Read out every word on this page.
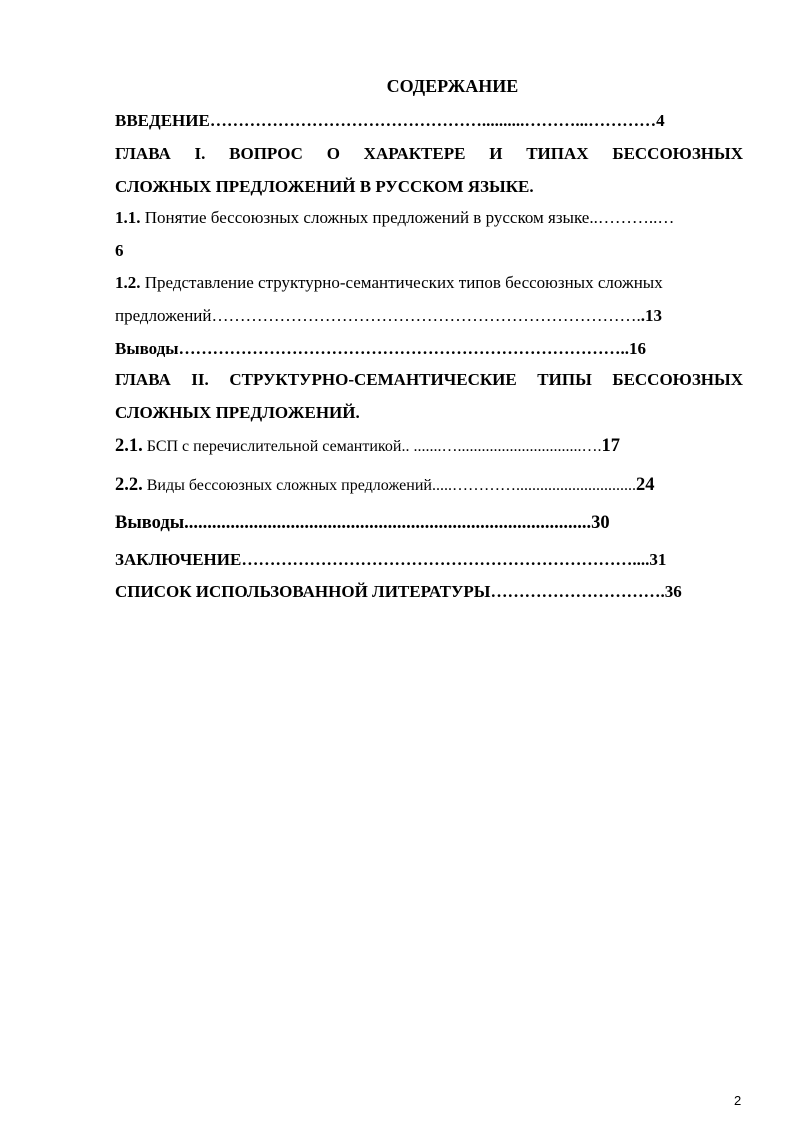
СОДЕРЖАНИЕ
ВВЕДЕНИЕ…………………………………………..........………...…………4
ГЛАВА I. ВОПРОС О ХАРАКТЕРЕ И ТИПАХ БЕССОЮЗНЫХ
СЛОЖНЫХ ПРЕДЛОЖЕНИЙ В РУССКОМ ЯЗЫКЕ.
1.1. Понятие бессоюзных сложных предложений в русском языке..………..…
6
1.2. Представление структурно-семантических типов бессоюзных сложных
предложений…………………………………………………………………..13
Выводы……………………………………………………………………..16
ГЛАВА II. СТРУКТУРНО-СЕМАНТИЧЕСКИЕ ТИПЫ БЕССОЮЗНЫХ
СЛОЖНЫХ ПРЕДЛОЖЕНИЙ.
2.1. БСП с перечислительной семантикой.. .......…...............................….17
2.2. Виды бессоюзных сложных предложений.....…………..............................24
Выводы........................................................................................30
ЗАКЛЮЧЕНИЕ……………………………………………………………....31
СПИСОК ИСПОЛЬЗОВАННОЙ ЛИТЕРАТУРЫ………………………….36
2
